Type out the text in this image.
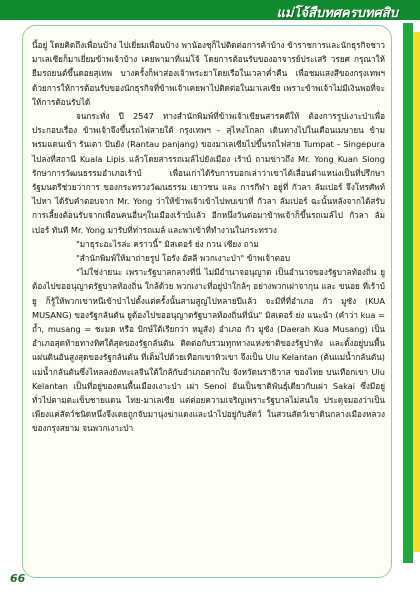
แม่โจ้สืบทศครบทศสิบ

นี้อยู่ โดยคิดถึงเพื่อนบ้าง ไปเยี่ยมเพื่อนบ้าง พาน้องชุก็ไปติดต่อการค้าบ้าง ข้าราชการและนักธุรกิจชาวมาเลเซียก็มาเยี่ยมข้าพเจ้าบ้าง เคยพามาที่แม่โจ้ โดยการต้อนรับของอาจารย์ประเสริ วรยศ กรุณาให้ยืมรถยนต์ขึ้นดอยสุเทพ บางครั้งก็พาส่องเจ้าพระยาโดยเรือในเวลาค่ำคืน เพื่อชมแสงสีของกรุงเทพฯ ด้วยการให้การต้อนรับของนักธุรกิจที่ข้าพเจ้าเคยพาไปติดต่อในมาเลเซีย เพราะข้าพเจ้าไม่มีเงินพอที่จะให้การต้อนรับได้

จนกระทั่ง ปี 2547 ทางสำนักพิมพ์ที่ข้าพเจ้าเขียนสารคดีให้ ต้องการรูปเงาะป่าเพื่อประกอบเรื่อง ข้าพเจ้าจึงขึ้นรถไฟสายใต้ กรุงเทพฯ – สุไหงโกลก เดินทางไปในเดือนเมษายน ข้ามพรมแดนเข้า รันเตา ปันยัง (Rantau panjang) ของมาเลเซียไปขึ้นรถไฟสาย Tumpat – Singepura ไปลงที่สถานี Kuala Lipis แล้วโดยสารรถเมล์ไปยังเมือง เร้าบ์ ถามข่าวถึง Mr. Yong Kuan Siong รักษาการวัฒนธรรมอำเภอเร้าบ์ เพื่อนเก่าได้รับการบอกเล่าว่าเขาได้เลื่อนตำแหน่งเป็นที่ปรึกษา รัฐมนตรีช่วยว่าการ ของกระทรวงวัฒนธรรม เยาวชน และ การกีฬา อยู่ที่ กัวลา ลัมเปอร์ จึงโทรศัพท์ไปหา ได้รับคำตอบจาก Mr. Yong ว่าให้ข้าพเจ้าเข้าไปพบเขาที่ กัวลา ลัมเปอร์ ฉะนั้นหลังจากได้สรับการเลี้ยงต้อนรับจากเพื่อนคนอื่นๆในเมืองเร้าบ์แล้ว อีกหนึ่งวันต่อมาข้าพเจ้าก็ขึ้นรถเมล์ไป กัวลา ลัมเปอร์ ทันที Mr. Yong มารับที่ท่ารถเมล์ และพาเข้าที่ทำงานในกระทรวง

"มาธุระอะไรล่ะ คราวนี้" มิสเตอร์ ย่ง กวน เซียง ถาม

"สำนักพิมพ์ให้มาถ่ายรูป โอรัง อัสลี พวกเงาะป่า" ข้าพเจ้าตอบ

"ไม่ใช่ง่ายนะ เพราะรัฐบาลกลางที่นี่ ไม่มีอำนาจอนุญาต เป็นอำนาจของรัฐบาลท้องถิ่น ยูต้องไปขออนุญาตรัฐบาลท้องถิ่น ใกล้ด้วย พวกเงาะที่อยู่ป่าใกล้ๆ อย่างพวกเผ่าจากุน และ ขนอย ที่เร้าบ์ ยู ก็รู้ให้พวกเขาหนีเข้าป่าไปตั้งแต่ครั้งนั้นสามสูญไปหลายปีแล้ว จะมีที่ที่อำเภอ กัว มูซัง (KUA MUSANG) ของรัฐกลันตัน ยูต้องไปขออนุญาตรัฐบาลท้องถิ่นที่นั่น" มิสเตอร์ ย่ง แนะนำ (คำว่า kua = ถ้ำ, musang = ชะมด หรือ ปักษ์ใต้เรียกว่า หมูสัง) อำเภอ กัว มูซัง (Daerah Kua Musang) เป็นอำเภอสุดท้ายทางทิศใต้สุดของรัฐกลันตัน ติดต่อกับรวมทุกทางแห่งชาติของรัฐปาหัง และตั้งอยู่บนพื้นแผ่นดินอันสูงสุดของรัฐกลันตัน ที่เต็มไปด้วยเทือกเขาทิวเขา จึงเป็น Ulu Kelantan (ต้นแม่น้ำกลันตัน) แม่น้ำกลันตันซึ่งไหลลงยังทะเลจีนใต้ใกล้กับอำเภอตากใบ จังหวัดนราธิวาส ของไทย บนเทือกเขา Ulu Kelantan เป็นที่อยู่ของคนพื้นเมืองเงาะป่า เผ่า Senoi อันเป็นชาติพันธุ์เดียวกับเผ่า Sakai ซึ่งมีอยู่ทั่วไปตามตะเข็บชายแดน ไทย-มาเลเซีย แต่ต่อยความเจริญเพราะรัฐบาลไม่สนใจ ประดุจมองว่าเป็นเพียงแค่สัตว์ชนิดหนึ่งจึงเดยถูกจับมานุ่งฆ่าแดงและนำไปอยู่กับสัตว์ ในสวนสัตว์เขาดินกลางเมืองหลวงของกรุงสยาม จนพวกเงาะป่า

66
